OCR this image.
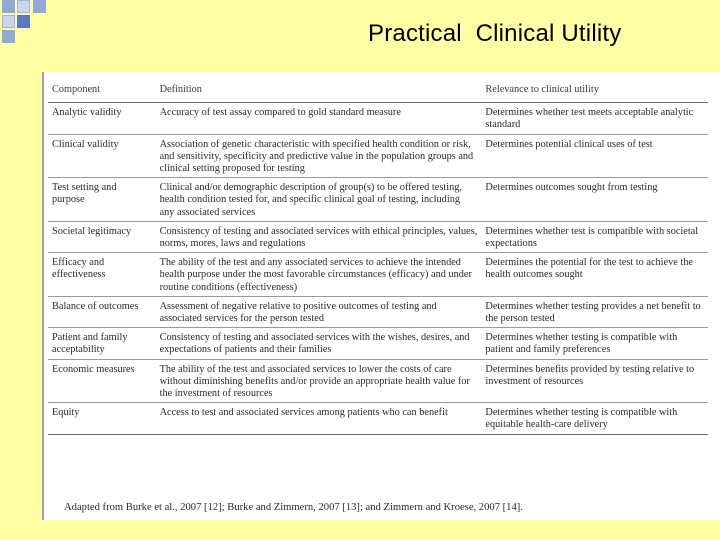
Practical  Clinical Utility
Component	Definition	Relevance to clinical utility
Analytic validity	Accuracy of test assay compared to gold standard measure	Determines whether test meets acceptable analytic standard
Clinical validity	Association of genetic characteristic with specified health condition or risk, and sensitivity, specificity and predictive value in the population groups and clinical setting proposed for testing	Determines potential clinical uses of test
Test setting and purpose	Clinical and/or demographic description of group(s) to be offered testing, health condition tested for, and specific clinical goal of testing, including any associated services	Determines outcomes sought from testing
Societal legitimacy	Consistency of testing and associated services with ethical principles, values, norms, mores, laws and regulations	Determines whether test is compatible with societal expectations
Efficacy and effectiveness	The ability of the test and any associated services to achieve the intended health purpose under the most favorable circumstances (efficacy) and under routine conditions (effectiveness)	Determines the potential for the test to achieve the health outcomes sought
Balance of outcomes	Assessment of negative relative to positive outcomes of testing and associated services for the person tested	Determines whether testing provides a net benefit to the person tested
Patient and family acceptability	Consistency of testing and associated services with the wishes, desires, and expectations of patients and their families	Determines whether testing is compatible with patient and family preferences
Economic measures	The ability of the test and associated services to lower the costs of care without diminishing benefits and/or provide an appropriate health value for the investment of resources	Determines benefits provided by testing relative to investment of resources
Equity	Access to test and associated services among patients who can benefit	Determines whether testing is compatible with equitable health-care delivery
Adapted from Burke et al., 2007 [12]; Burke and Zimmern, 2007 [13]; and Zimmern and Kroese, 2007 [14].
